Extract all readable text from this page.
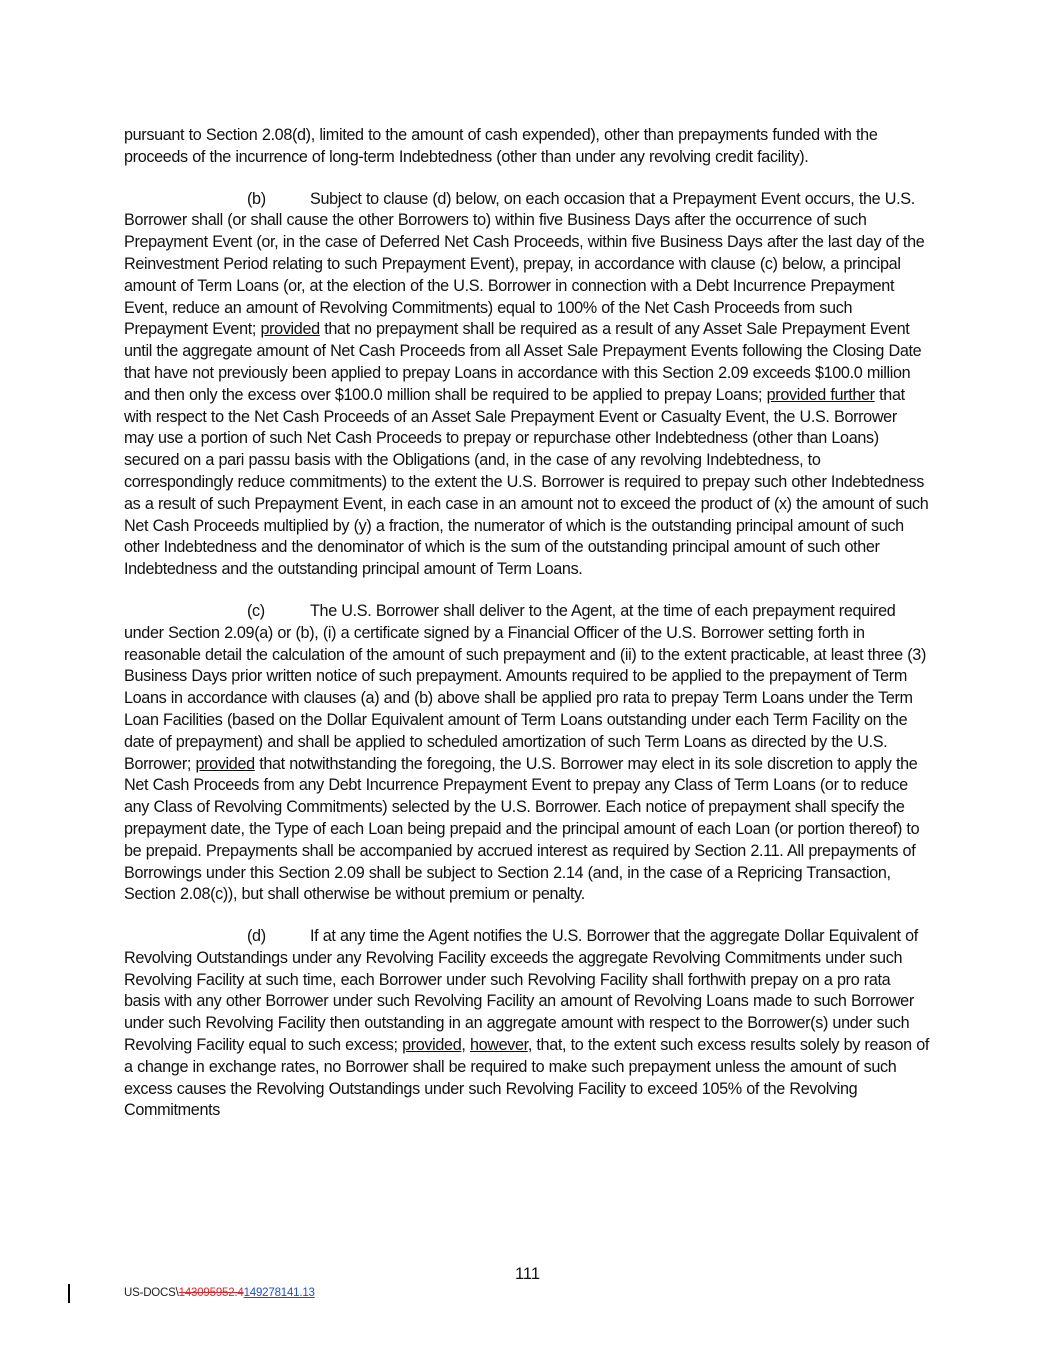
pursuant to Section 2.08(d), limited to the amount of cash expended), other than prepayments funded with the proceeds of the incurrence of long-term Indebtedness (other than under any revolving credit facility).

(b)	Subject to clause (d) below, on each occasion that a Prepayment Event occurs, the U.S. Borrower shall (or shall cause the other Borrowers to) within five Business Days after the occurrence of such Prepayment Event (or, in the case of Deferred Net Cash Proceeds, within five Business Days after the last day of the Reinvestment Period relating to such Prepayment Event), prepay, in accordance with clause (c) below, a principal amount of Term Loans (or, at the election of the U.S. Borrower in connection with a Debt Incurrence Prepayment Event, reduce an amount of Revolving Commitments) equal to 100% of the Net Cash Proceeds from such Prepayment Event; provided that no prepayment shall be required as a result of any Asset Sale Prepayment Event until the aggregate amount of Net Cash Proceeds from all Asset Sale Prepayment Events following the Closing Date that have not previously been applied to prepay Loans in accordance with this Section 2.09 exceeds $100.0 million and then only the excess over $100.0 million shall be required to be applied to prepay Loans; provided further that with respect to the Net Cash Proceeds of an Asset Sale Prepayment Event or Casualty Event, the U.S. Borrower may use a portion of such Net Cash Proceeds to prepay or repurchase other Indebtedness (other than Loans) secured on a pari passu basis with the Obligations (and, in the case of any revolving Indebtedness, to correspondingly reduce commitments) to the extent the U.S. Borrower is required to prepay such other Indebtedness as a result of such Prepayment Event, in each case in an amount not to exceed the product of (x) the amount of such Net Cash Proceeds multiplied by (y) a fraction, the numerator of which is the outstanding principal amount of such other Indebtedness and the denominator of which is the sum of the outstanding principal amount of such other Indebtedness and the outstanding principal amount of Term Loans.

(c)	The U.S. Borrower shall deliver to the Agent, at the time of each prepayment required under Section 2.09(a) or (b), (i) a certificate signed by a Financial Officer of the U.S. Borrower setting forth in reasonable detail the calculation of the amount of such prepayment and (ii) to the extent practicable, at least three (3) Business Days prior written notice of such prepayment. Amounts required to be applied to the prepayment of Term Loans in accordance with clauses (a) and (b) above shall be applied pro rata to prepay Term Loans under the Term Loan Facilities (based on the Dollar Equivalent amount of Term Loans outstanding under each Term Facility on the date of prepayment) and shall be applied to scheduled amortization of such Term Loans as directed by the U.S. Borrower; provided that notwithstanding the foregoing, the U.S. Borrower may elect in its sole discretion to apply the Net Cash Proceeds from any Debt Incurrence Prepayment Event to prepay any Class of Term Loans (or to reduce any Class of Revolving Commitments) selected by the U.S. Borrower. Each notice of prepayment shall specify the prepayment date, the Type of each Loan being prepaid and the principal amount of each Loan (or portion thereof) to be prepaid. Prepayments shall be accompanied by accrued interest as required by Section 2.11. All prepayments of Borrowings under this Section 2.09 shall be subject to Section 2.14 (and, in the case of a Repricing Transaction, Section 2.08(c)), but shall otherwise be without premium or penalty.

(d)	If at any time the Agent notifies the U.S. Borrower that the aggregate Dollar Equivalent of Revolving Outstandings under any Revolving Facility exceeds the aggregate Revolving Commitments under such Revolving Facility at such time, each Borrower under such Revolving Facility shall forthwith prepay on a pro rata basis with any other Borrower under such Revolving Facility an amount of Revolving Loans made to such Borrower under such Revolving Facility then outstanding in an aggregate amount with respect to the Borrower(s) under such Revolving Facility equal to such excess; provided, however, that, to the extent such excess results solely by reason of a change in exchange rates, no Borrower shall be required to make such prepayment unless the amount of such excess causes the Revolving Outstandings under such Revolving Facility to exceed 105% of the Revolving Commitments

111
US-DOCS\143095952.4149278141.13
